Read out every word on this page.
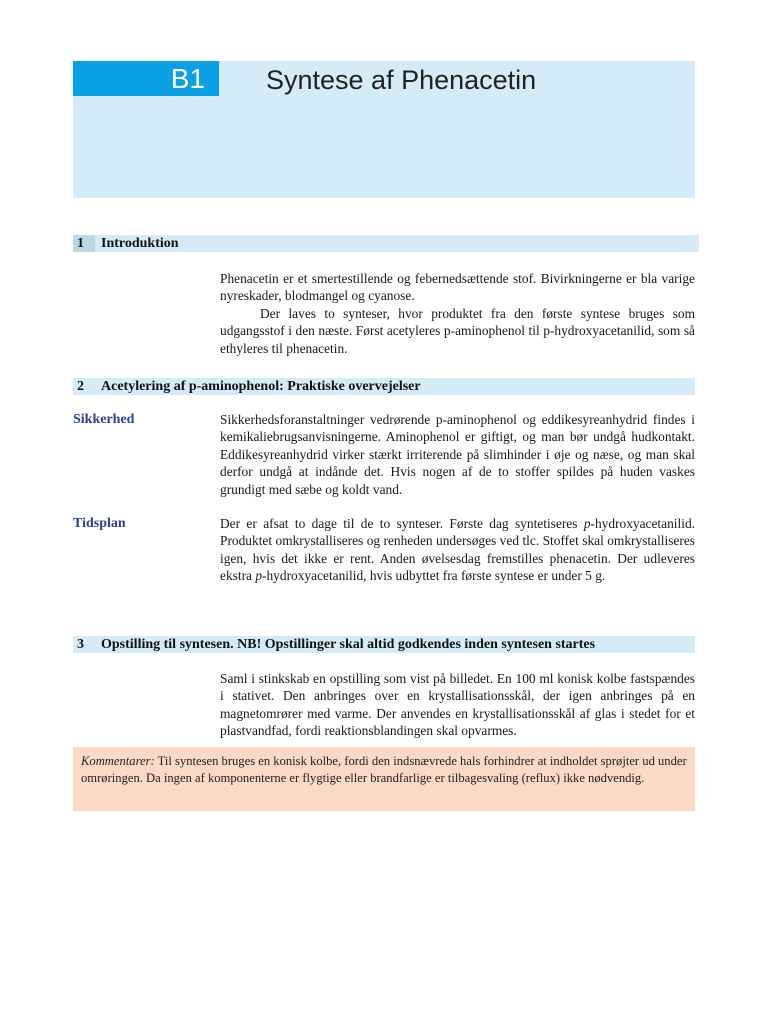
B1	Syntese af Phenacetin
1 Introduktion

Phenacetin er et smertestillende og febernedsættende stof. Bivirkningerne er bla varige nyreskader, blodmangel og cyanose.

Der laves to synteser, hvor produktet fra den første syntese bruges som udgangsstof i den næste. Først acetyleres p-aminophenol til p-hydroxyacetanilid, som så ethyleres til phenacetin.

2 Acetylering af p-aminophenol: Praktiske overvejelser
Sikkerhed	Sikkerhedsforanstaltninger vedrørende p-aminophenol og eddikesyreanhydrid findes i kemikaliebrugsanvisningerne. Aminophenol er giftigt, og man bør undgå hudkontakt. Eddikesyreanhydrid virker stærkt irriterende på slimhinder i øje og næse, og man skal derfor undgå at indånde det. Hvis nogen af de to stoffer spildes på huden vaskes grundigt med sæbe og koldt vand.

Tidsplan	Der er afsat to dage til de to synteser. Første dag syntetiseres p-hydroxyacetanilid. Produktet omkrystalliseres og renheden undersøges ved tlc. Stoffet skal omkrystalliseres igen, hvis det ikke er rent. Anden øvelsesdag fremstilles phenacetin. Der udleveres ekstra p-hydroxyacetanilid, hvis udbyttet fra første syntese er under 5 g.

3 Opstilling til syntesen. NB! Opstillinger skal altid godkendes inden syntesen startes

Saml i stinkskab en opstilling som vist på billedet. En 100 ml konisk kolbe fastspændes i stativet. Den anbringes over en krystallisationsskål, der igen anbringes på en magnetomrører med varme. Der anvendes en krystallisationsskål af glas i stedet for et plastvandfad, fordi reaktionsblandingen skal opvarmes.

Kommentarer: Til syntesen bruges en konisk kolbe, fordi den indsnævrede hals forhindrer at indholdet sprøjter ud under omrøringen. Da ingen af komponenterne er flygtige eller brandfarlige er tilbagesvaling (reflux) ikke nødvendig.
